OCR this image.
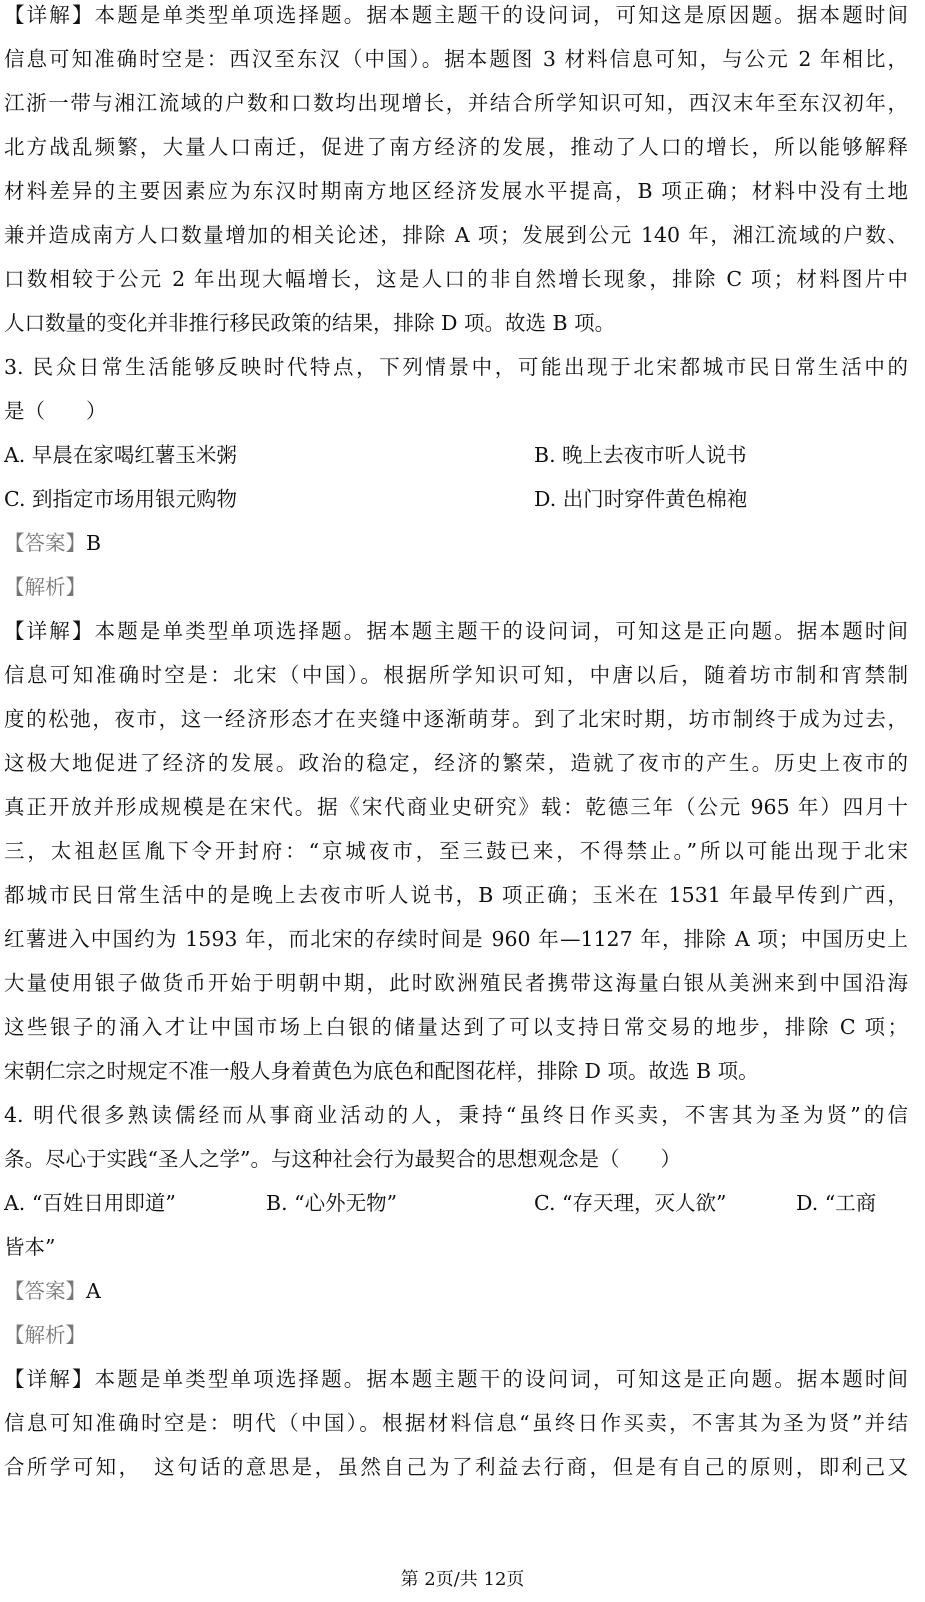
【详解】本题是单类型单项选择题。据本题主题干的设问词，可知这是原因题。据本题时间
信息可知准确时空是：西汉至东汉（中国）。据本题图 3 材料信息可知，与公元 2 年相比，
江浙一带与湘江流域的户数和口数均出现增长，并结合所学知识可知，西汉末年至东汉初年，
北方战乱频繁，大量人口南迁，促进了南方经济的发展，推动了人口的增长，所以能够解释
材料差异的主要因素应为东汉时期南方地区经济发展水平提高，B 项正确；材料中没有土地
兼并造成南方人口数量增加的相关论述，排除 A 项；发展到公元 140 年，湘江流域的户数、
口数相较于公元 2 年出现大幅增长，这是人口的非自然增长现象，排除 C 项；材料图片中
人口数量的变化并非推行移民政策的结果，排除 D 项。故选 B 项。
3. 民众日常生活能够反映时代特点，下列情景中，可能出现于北宋都城市民日常生活中的
是（　　）
A. 早晨在家喝红薯玉米粥	B. 晚上去夜市听人说书
C. 到指定市场用银元购物	D. 出门时穿件黄色棉袍
【答案】B
【解析】
【详解】本题是单类型单项选择题。据本题主题干的设问词，可知这是正向题。据本题时间
信息可知准确时空是：北宋（中国）。根据所学知识可知，中唐以后，随着坊市制和宵禁制
度的松弛，夜市，这一经济形态才在夹缝中逐渐萌芽。到了北宋时期，坊市制终于成为过去，
这极大地促进了经济的发展。政治的稳定，经济的繁荣，造就了夜市的产生。历史上夜市的
真正开放并形成规模是在宋代。据《宋代商业史研究》载：乾德三年（公元 965 年）四月十
三，太祖赵匡胤下令开封府：“京城夜市，至三鼓已来，不得禁止。”所以可能出现于北宋
都城市民日常生活中的是晚上去夜市听人说书，B 项正确；玉米在 1531 年最早传到广西，
红薯进入中国约为 1593 年，而北宋的存续时间是 960 年—1127 年，排除 A 项；中国历史上
大量使用银子做货币开始于明朝中期，此时欧洲殖民者携带这海量白银从美洲来到中国沿海
这些银子的涌入才让中国市场上白银的储量达到了可以支持日常交易的地步，排除 C 项；
宋朝仁宗之时规定不准一般人身着黄色为底色和配图花样，排除 D 项。故选 B 项。
4. 明代很多熟读儒经而从事商业活动的人，秉持“虽终日作买卖，不害其为圣为贤”的信
条。尽心于实践“圣人之学”。与这种社会行为最契合的思想观念是（　　）
A. “百姓日用即道”	B. “心外无物”	C. “存天理，灭人欲”	D. “工商
皆本”
【答案】A
【解析】
【详解】本题是单类型单项选择题。据本题主题干的设问词，可知这是正向题。据本题时间
信息可知准确时空是：明代（中国）。根据材料信息“虽终日作买卖，不害其为圣为贤”并结
合所学可知，　这句话的意思是，虽然自己为了利益去行商，但是有自己的原则，即利己又
第 2页/共 12页
